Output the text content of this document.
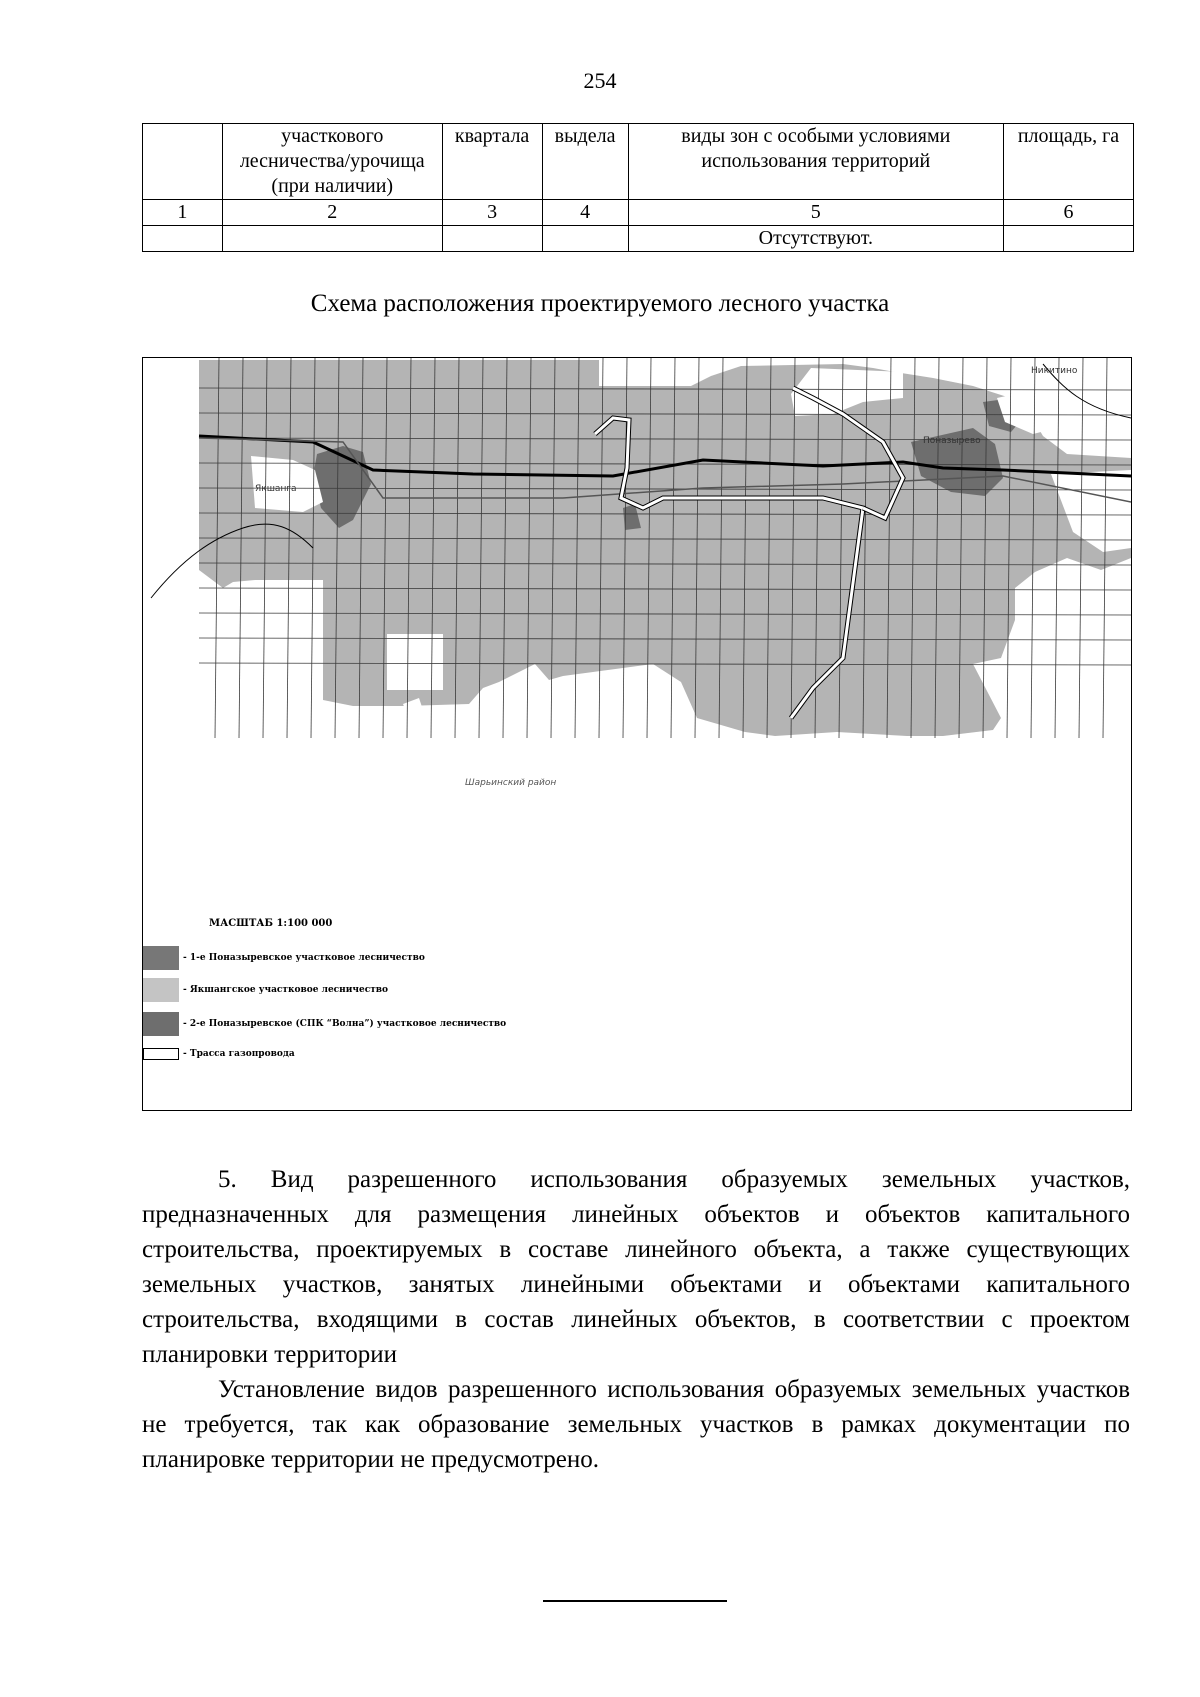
254
	участкового лесничества/урочища (при наличии)	квартала	выдела	виды зон с особыми условиями использования территорий	площадь, га
1	2	3	4	5	6
				Отсутствуют.	
Схема расположения проектируемого лесного участка
Шарьинский район
Якшанга
Поназырево
Никитино
МАСШТАБ 1:100 000
- 1-е Поназыревское участковое лесничество
- Якшангское участковое лесничество
- 2-е Поназыревское (СПК “Волна”) участковое лесничество
- Трасса газопровода

5. Вид разрешенного использования образуемых земельных участков, предназначенных для размещения линейных объектов и объектов капитального строительства, проектируемых в составе линейного объекта, а также существующих земельных участков, занятых линейными объектами и объектами капитального строительства, входящими в состав линейных объектов, в соответствии с проектом планировки территории

Установление видов разрешенного использования образуемых земельных участков не требуется, так как образование земельных участков в рамках документации по планировке территории не предусмотрено.
